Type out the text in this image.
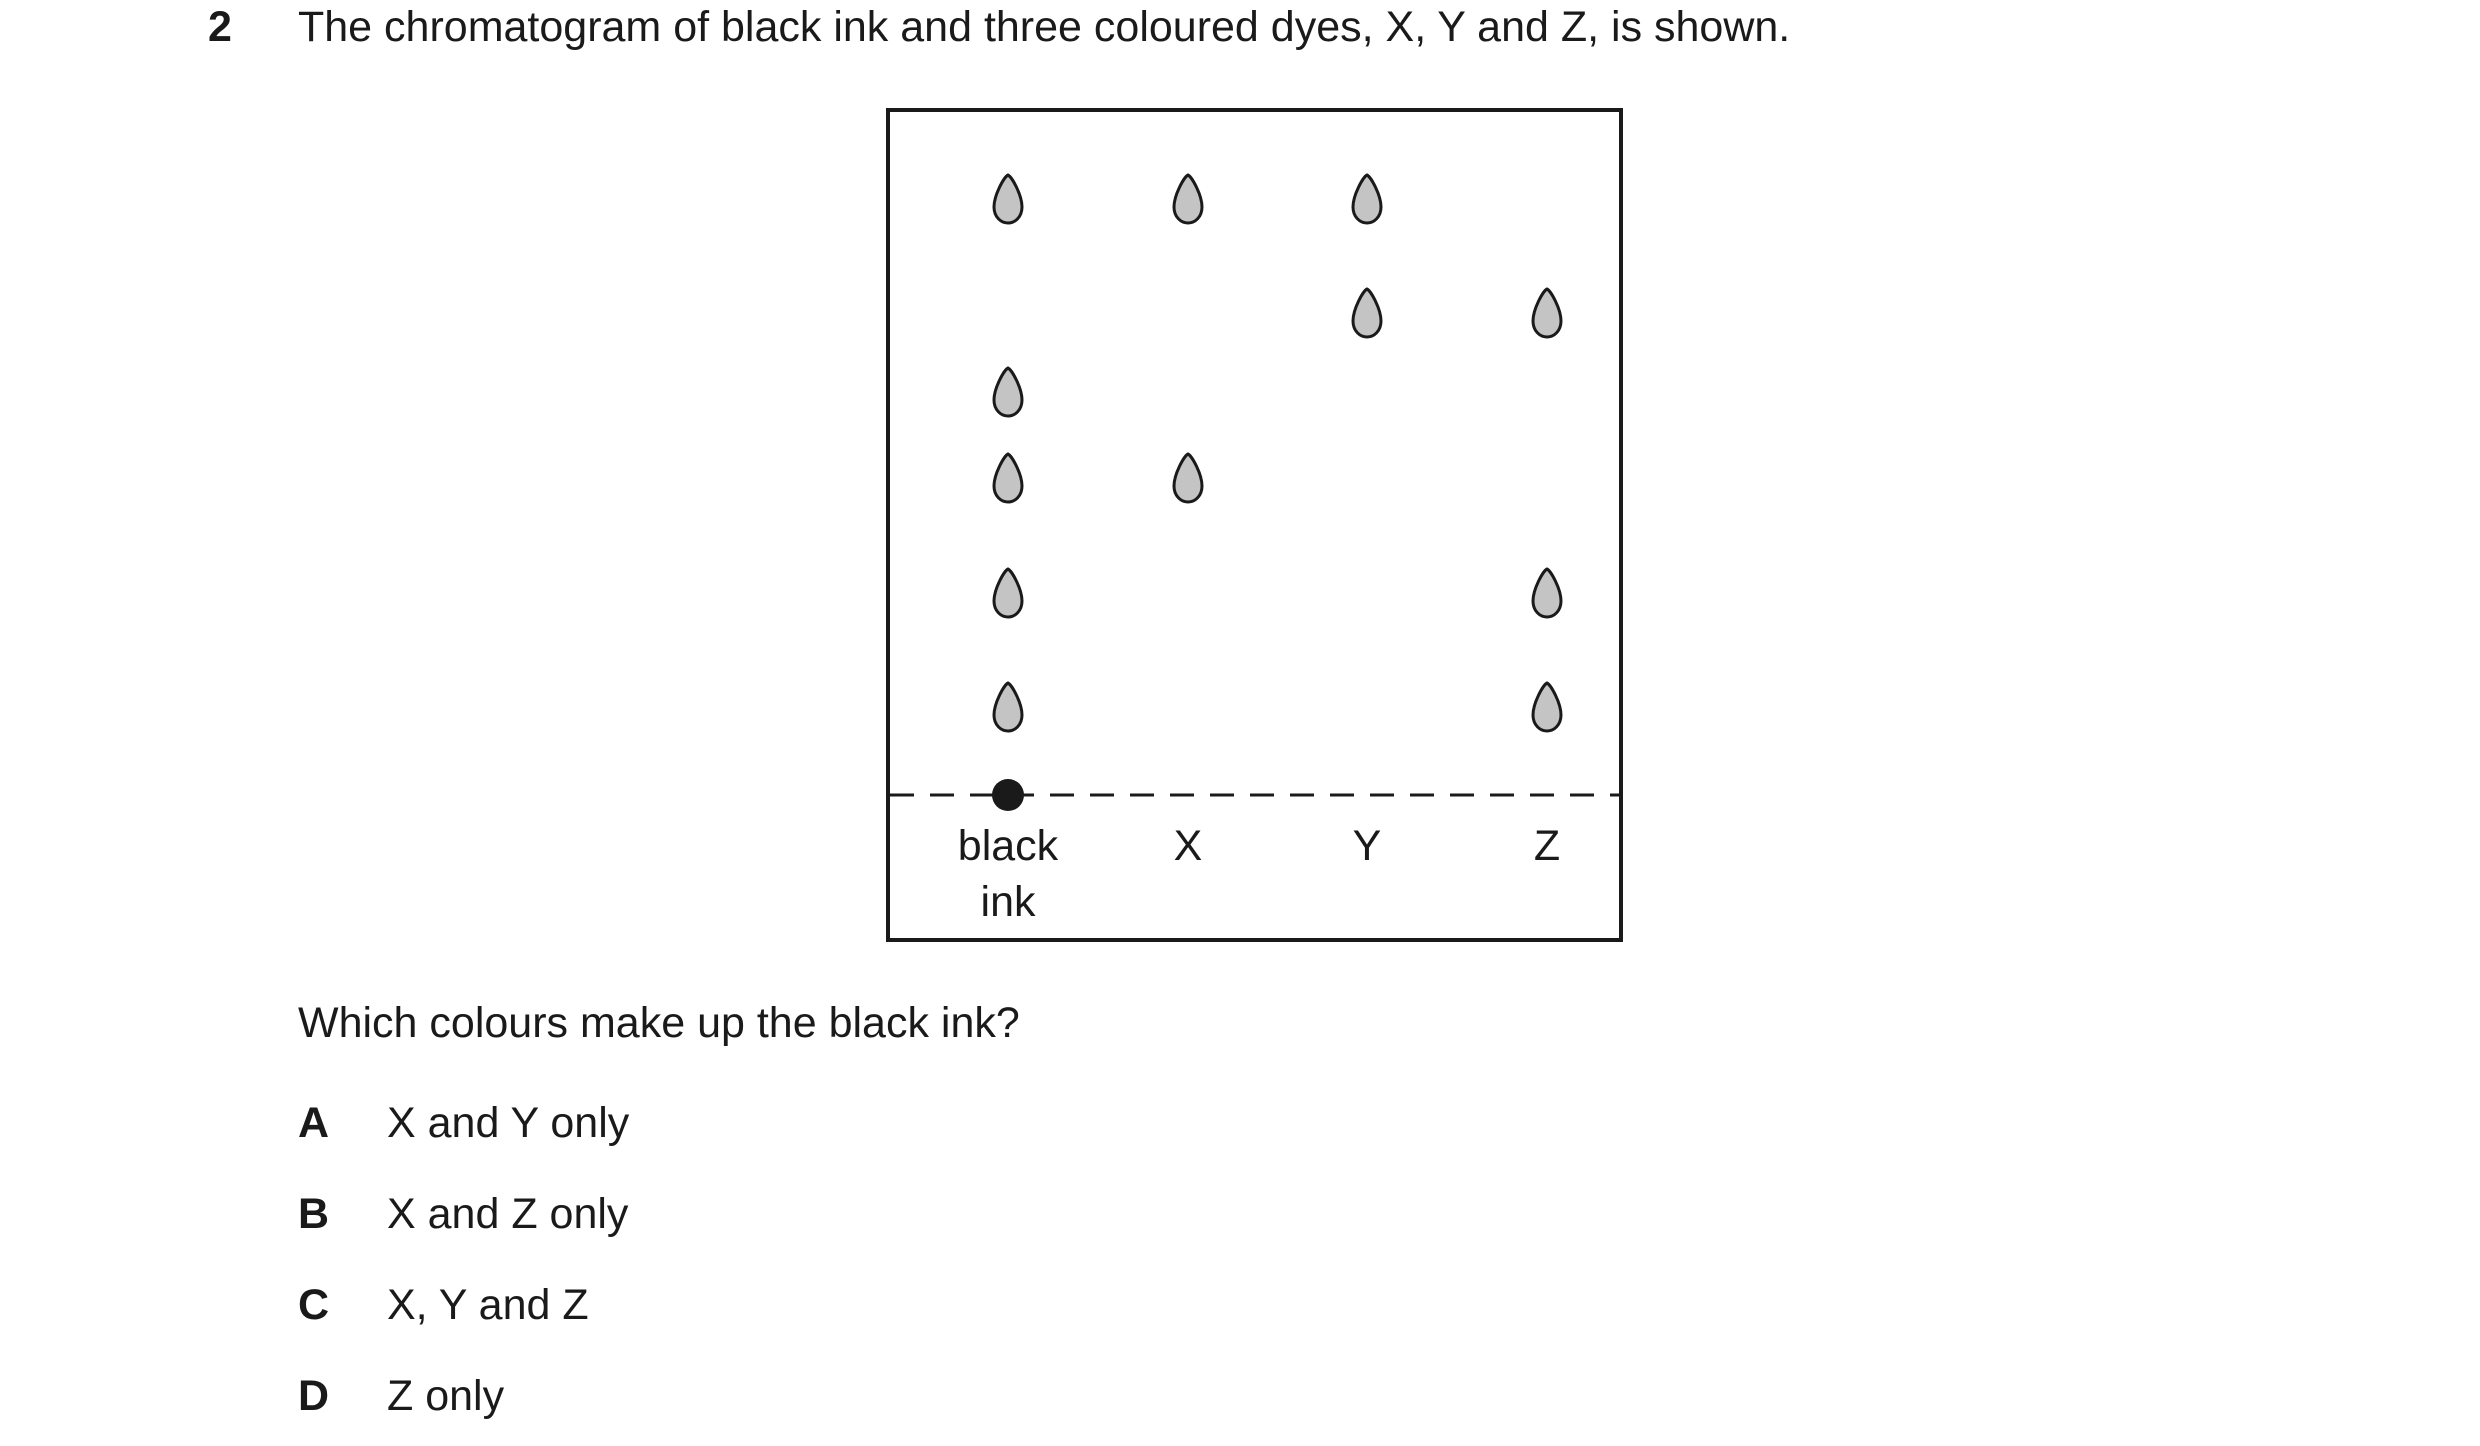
2 The chromatogram of black ink and three coloured dyes, X, Y and Z, is shown.
black
ink
X	Y	Z
Which colours make up the black ink?
A X and Y only
B X and Z only
C X, Y and Z
D Z only
